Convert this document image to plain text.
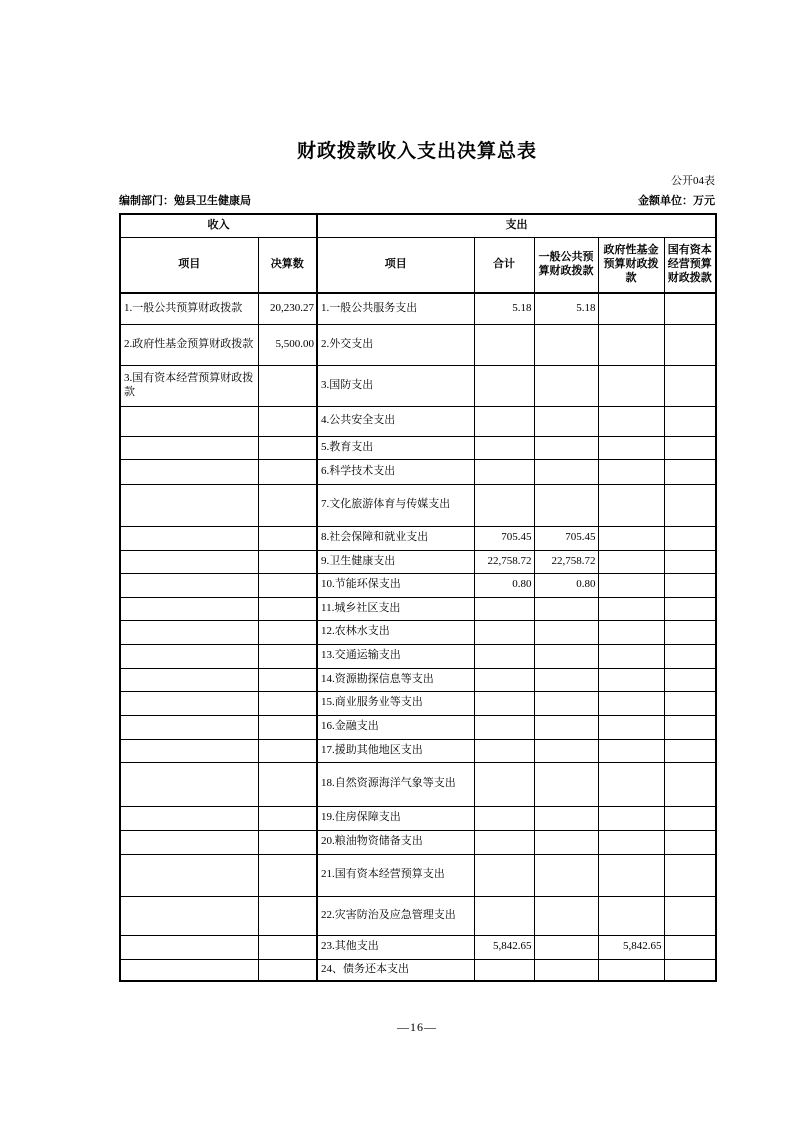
财政拨款收入支出决算总表
公开04表
编制部门：勉县卫生健康局	金额单位：万元
收入		支出				
项目	决算数	项目	合计	一般公共预算财政拨款	政府性基金预算财政拨款	国有资本经营预算财政拨款
1.一般公共预算财政拨款	20,230.27	1.一般公共服务支出	5.18	5.18		
2.政府性基金预算财政拨款	5,500.00	2.外交支出				
3.国有资本经营预算财政拨款		3.国防支出				
		4.公共安全支出				
		5.教育支出				
		6.科学技术支出				
		7.文化旅游体育与传媒支出				
		8.社会保障和就业支出	705.45	705.45		
		9.卫生健康支出	22,758.72	22,758.72		
		10.节能环保支出	0.80	0.80		
		11.城乡社区支出				
		12.农林水支出				
		13.交通运输支出				
		14.资源勘探信息等支出				
		15.商业服务业等支出				
		16.金融支出				
		17.援助其他地区支出				
		18.自然资源海洋气象等支出				
		19.住房保障支出				
		20.粮油物资储备支出				
		21.国有资本经营预算支出				
		22.灾害防治及应急管理支出				
		23.其他支出	5,842.65		5,842.65	
		24、债务还本支出				
—16—
